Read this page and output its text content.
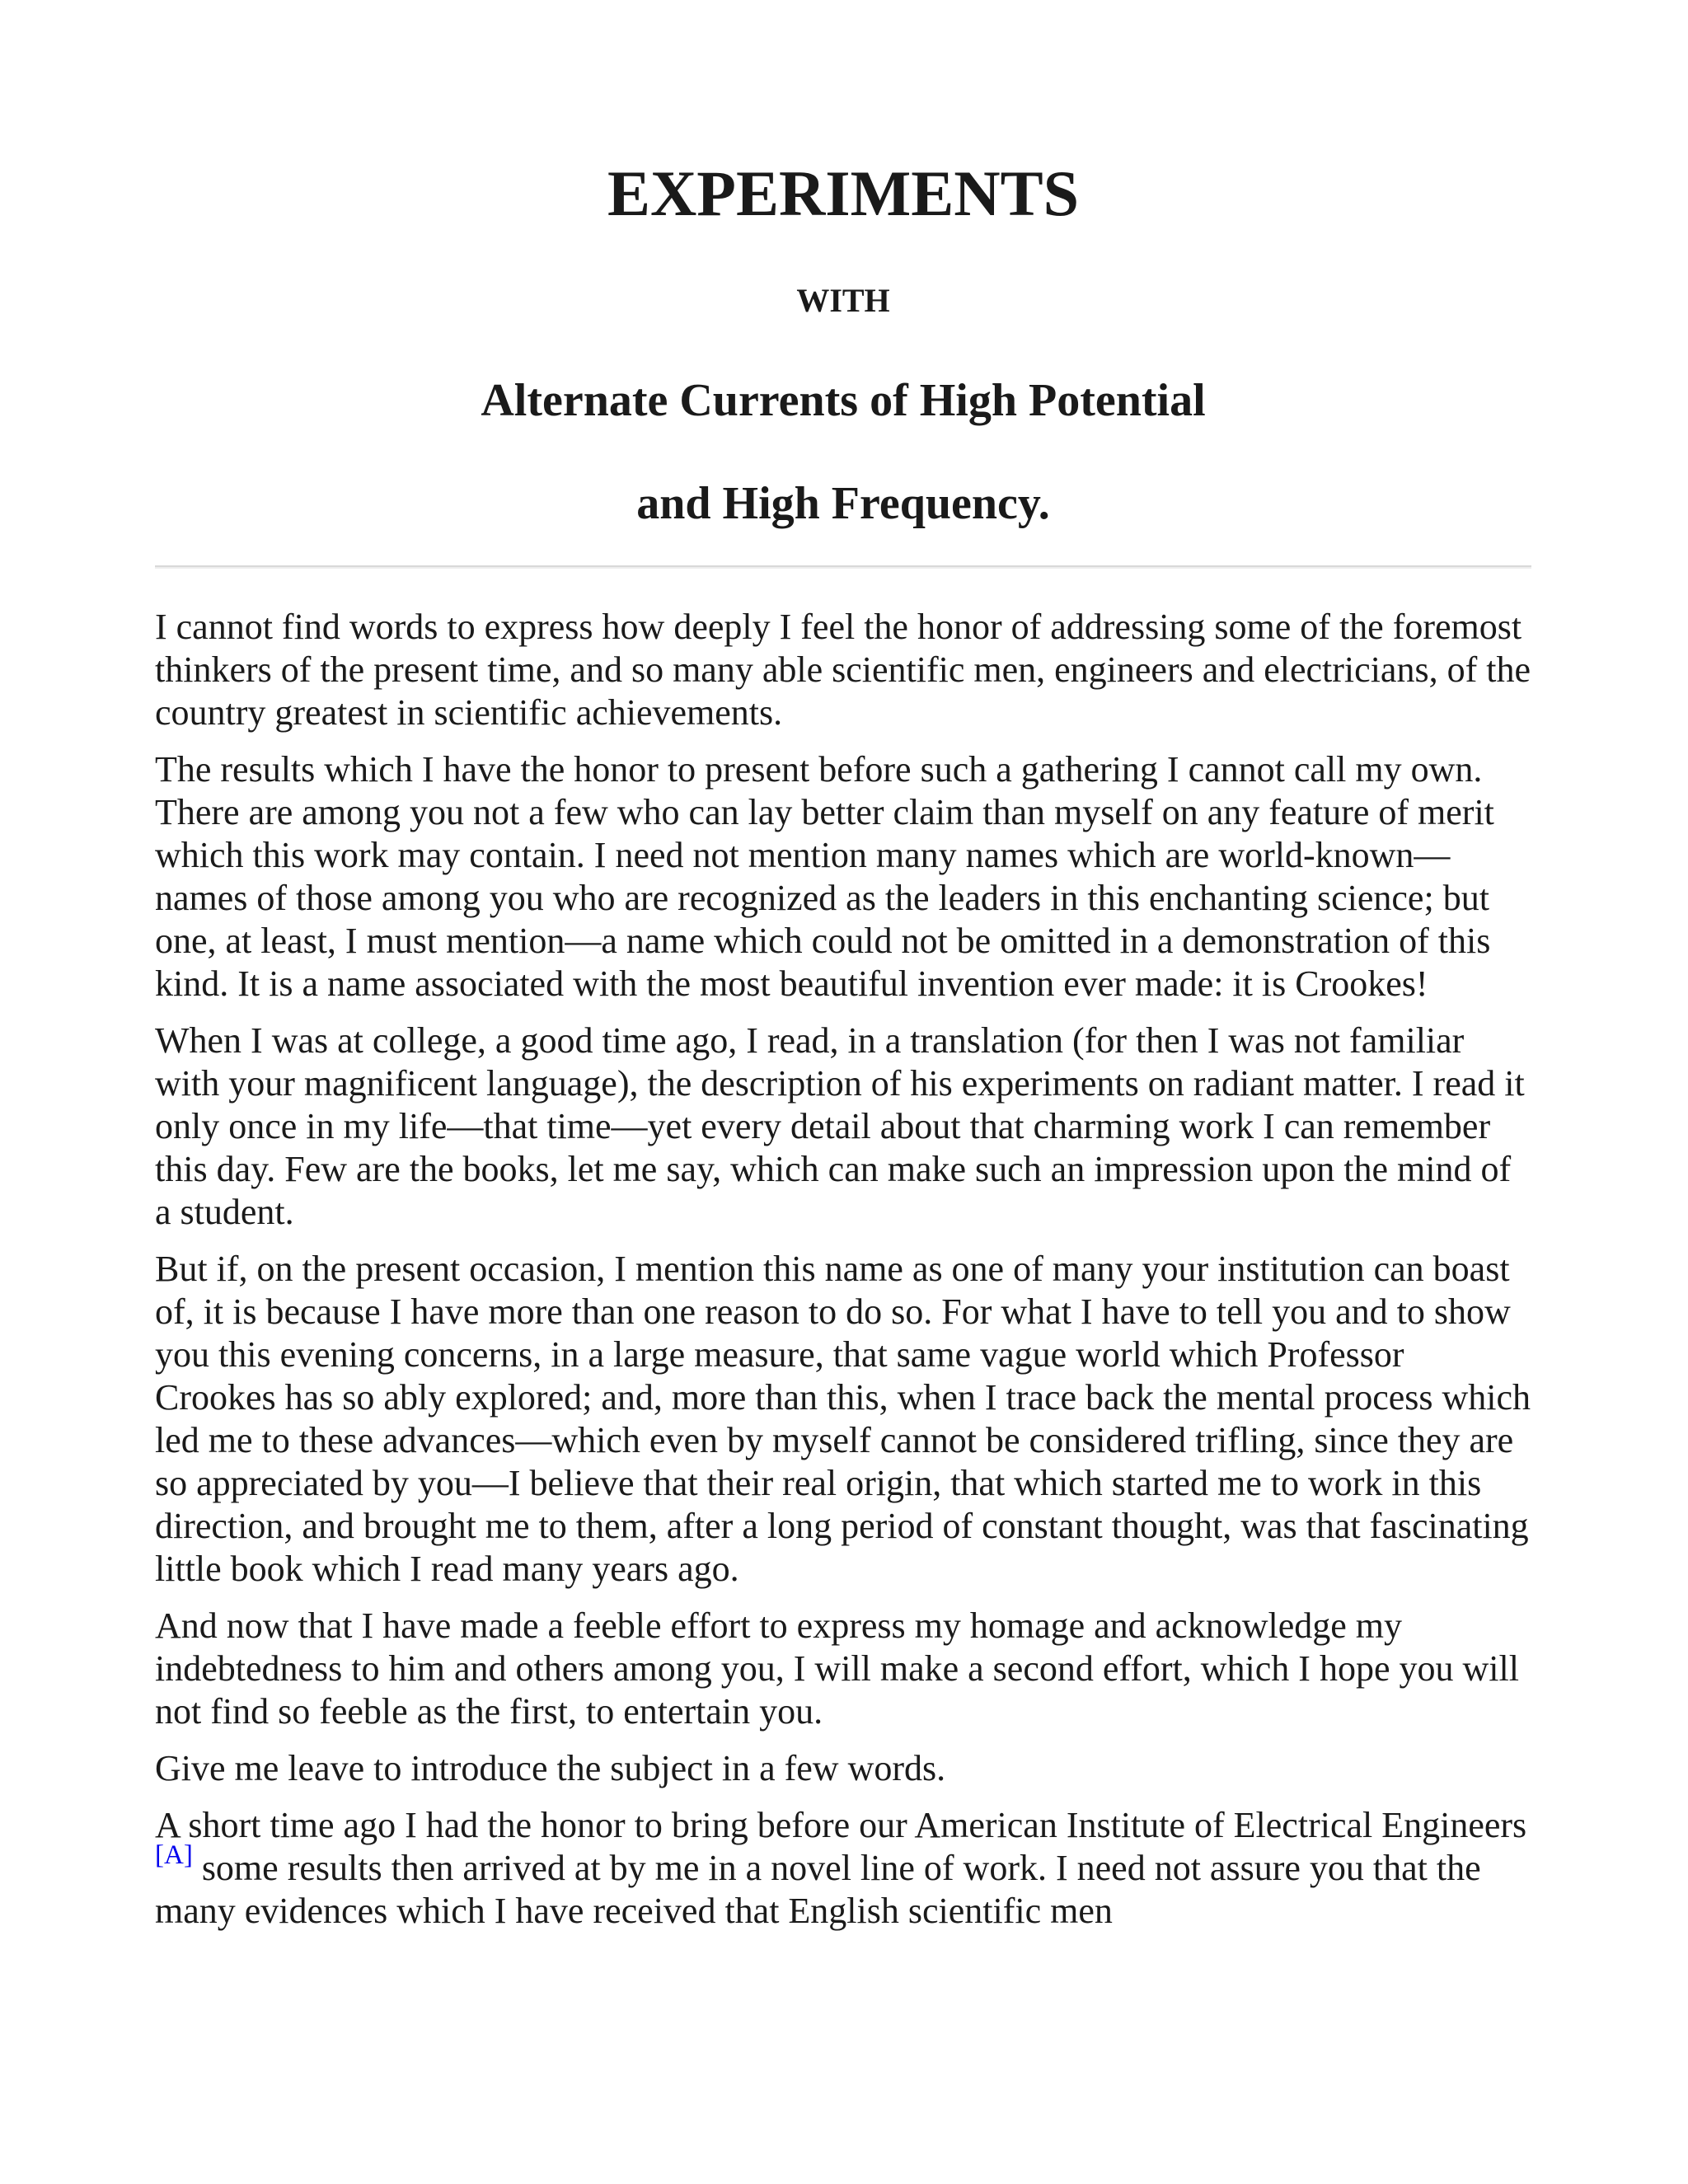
EXPERIMENTS
WITH
Alternate Currents of High Potential
and High Frequency.

I cannot find words to express how deeply I feel the honor of addressing some of the foremost thinkers of the present time, and so many able scientific men, engineers and electricians, of the country greatest in scientific achievements.

The results which I have the honor to present before such a gathering I cannot call my own. There are among you not a few who can lay better claim than myself on any feature of merit which this work may contain. I need not mention many names which are world-known—names of those among you who are recognized as the leaders in this enchanting science; but one, at least, I must mention—a name which could not be omitted in a demonstration of this kind. It is a name associated with the most beautiful invention ever made: it is Crookes!

When I was at college, a good time ago, I read, in a translation (for then I was not familiar with your magnificent language), the description of his experiments on radiant matter. I read it only once in my life—that time—yet every detail about that charming work I can remember this day. Few are the books, let me say, which can make such an impression upon the mind of a student.

But if, on the present occasion, I mention this name as one of many your institution can boast of, it is because I have more than one reason to do so. For what I have to tell you and to show you this evening concerns, in a large measure, that same vague world which Professor Crookes has so ably explored; and, more than this, when I trace back the mental process which led me to these advances—which even by myself cannot be considered trifling, since they are so appreciated by you—I believe that their real origin, that which started me to work in this direction, and brought me to them, after a long period of constant thought, was that fascinating little book which I read many years ago.

And now that I have made a feeble effort to express my homage and acknowledge my indebtedness to him and others among you, I will make a second effort, which I hope you will not find so feeble as the first, to entertain you.

Give me leave to introduce the subject in a few words.

A short time ago I had the honor to bring before our American Institute of Electrical Engineers [A] some results then arrived at by me in a novel line of work. I need not assure you that the many evidences which I have received that English scientific men
